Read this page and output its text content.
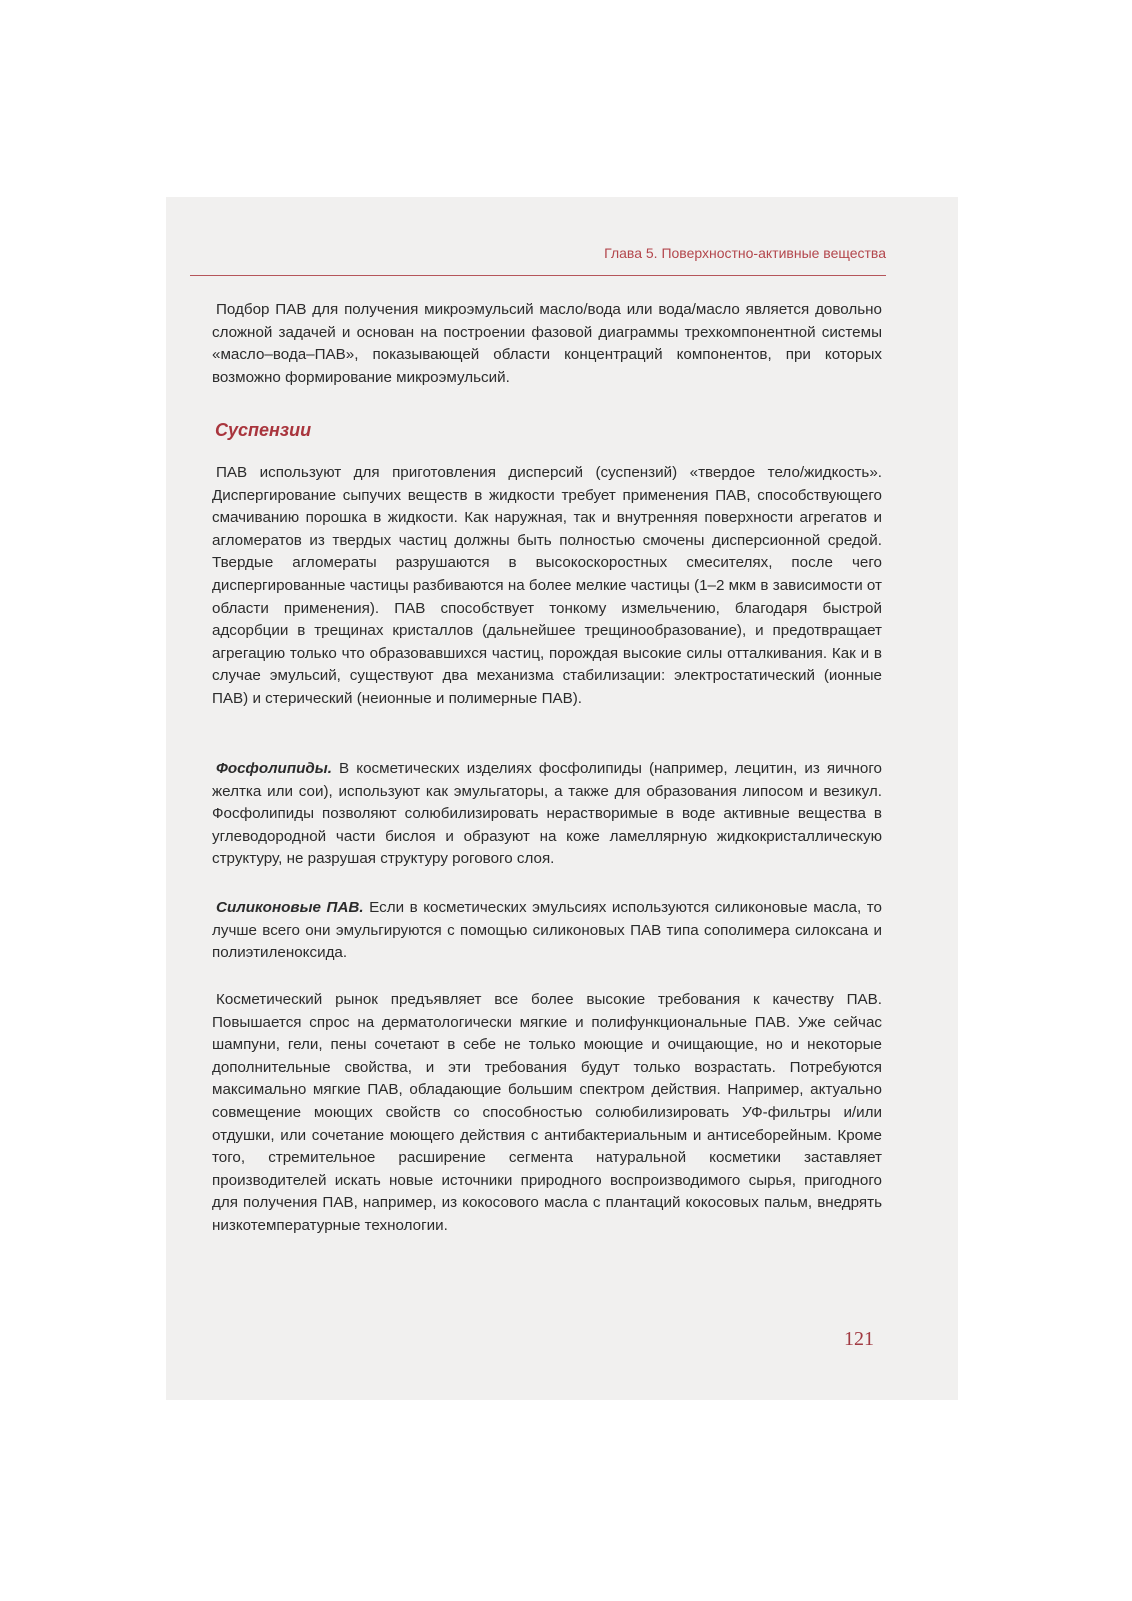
Глава 5. Поверхностно-активные вещества

Подбор ПАВ для получения микроэмульсий масло/вода или вода/масло является довольно сложной задачей и основан на построении фазовой диаграммы трехкомпонентной системы «масло–вода–ПАВ», показывающей области концентраций компонентов, при которых возможно формирование микроэмульсий.

Суспензии

ПАВ используют для приготовления дисперсий (суспензий) «твердое тело/жидкость». Диспергирование сыпучих веществ в жидкости требует применения ПАВ, способствующего смачиванию порошка в жидкости. Как наружная, так и внутренняя поверхности агрегатов и агломератов из твердых частиц должны быть полностью смочены дисперсионной средой. Твердые агломераты разрушаются в высокоскоростных смесителях, после чего диспергированные частицы разбиваются на более мелкие частицы (1–2 мкм в зависимости от области применения). ПАВ способствует тонкому измельчению, благодаря быстрой адсорбции в трещинах кристаллов (дальнейшее трещинообразование), и предотвращает агрегацию только что образовавшихся частиц, порождая высокие силы отталкивания. Как и в случае эмульсий, существуют два механизма стабилизации: электростатический (ионные ПАВ) и стерический (неионные и полимерные ПАВ).

Фосфолипиды. В косметических изделиях фосфолипиды (например, лецитин, из яичного желтка или сои), используют как эмульгаторы, а также для образования липосом и везикул. Фосфолипиды позволяют солюбилизировать нерастворимые в воде активные вещества в углеводородной части бислоя и образуют на коже ламеллярную жидкокристаллическую структуру, не разрушая структуру рогового слоя.

Силиконовые ПАВ. Если в косметических эмульсиях используются силиконовые масла, то лучше всего они эмульгируются с помощью силиконовых ПАВ типа сополимера силоксана и полиэтиленоксида.

Косметический рынок предъявляет все более высокие требования к качеству ПАВ. Повышается спрос на дерматологически мягкие и полифункциональные ПАВ. Уже сейчас шампуни, гели, пены сочетают в себе не только моющие и очищающие, но и некоторые дополнительные свойства, и эти требования будут только возрастать. Потребуются максимально мягкие ПАВ, обладающие большим спектром действия. Например, актуально совмещение моющих свойств со способностью солюбилизировать УФ-фильтры и/или отдушки, или сочетание моющего действия с антибактериальным и антисеборейным. Кроме того, стремительное расширение сегмента натуральной косметики заставляет производителей искать новые источники природного воспроизводимого сырья, пригодного для получения ПАВ, например, из кокосового масла с плантаций кокосовых пальм, внедрять низкотемпературные технологии.

121
